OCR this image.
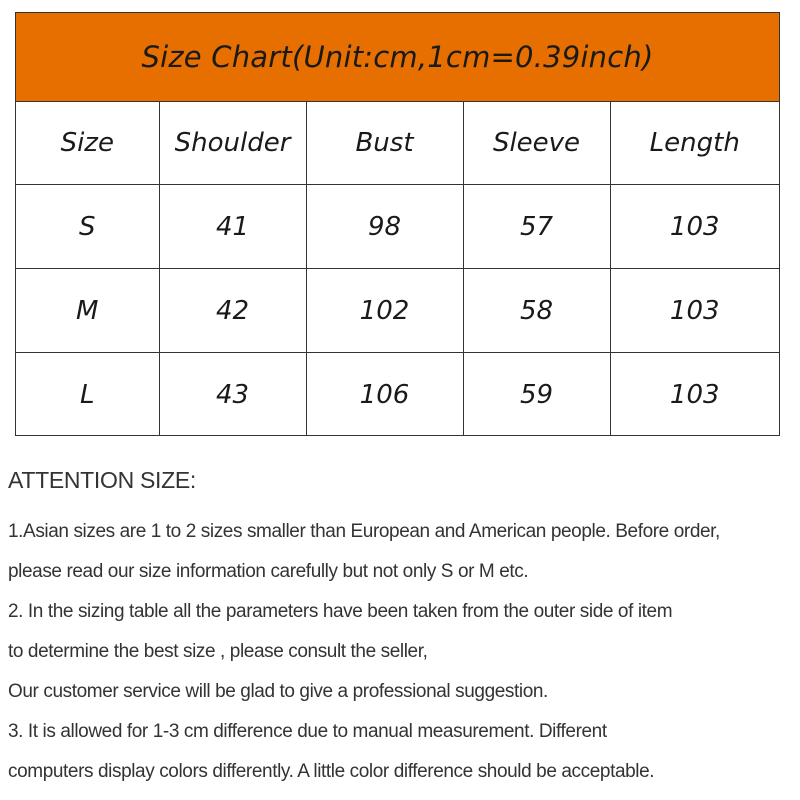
Size Chart(Unit:cm,1cm=0.39inch)
Size	Shoulder	Bust	Sleeve	Length
S	41	98	57	103
M	42	102	58	103
L	43	106	59	103
ATTENTION SIZE:

1.Asian sizes are 1 to 2 sizes smaller than European and American people. Before order,

please read our size information carefully but not only S or M etc.

2. In the sizing table all the parameters have been taken from the outer side of item

to determine the best size , please consult the seller,

Our customer service will be glad to give a professional suggestion.

3. It is allowed for 1-3 cm difference due to manual measurement. Different

computers display colors differently. A little color difference should be acceptable.
